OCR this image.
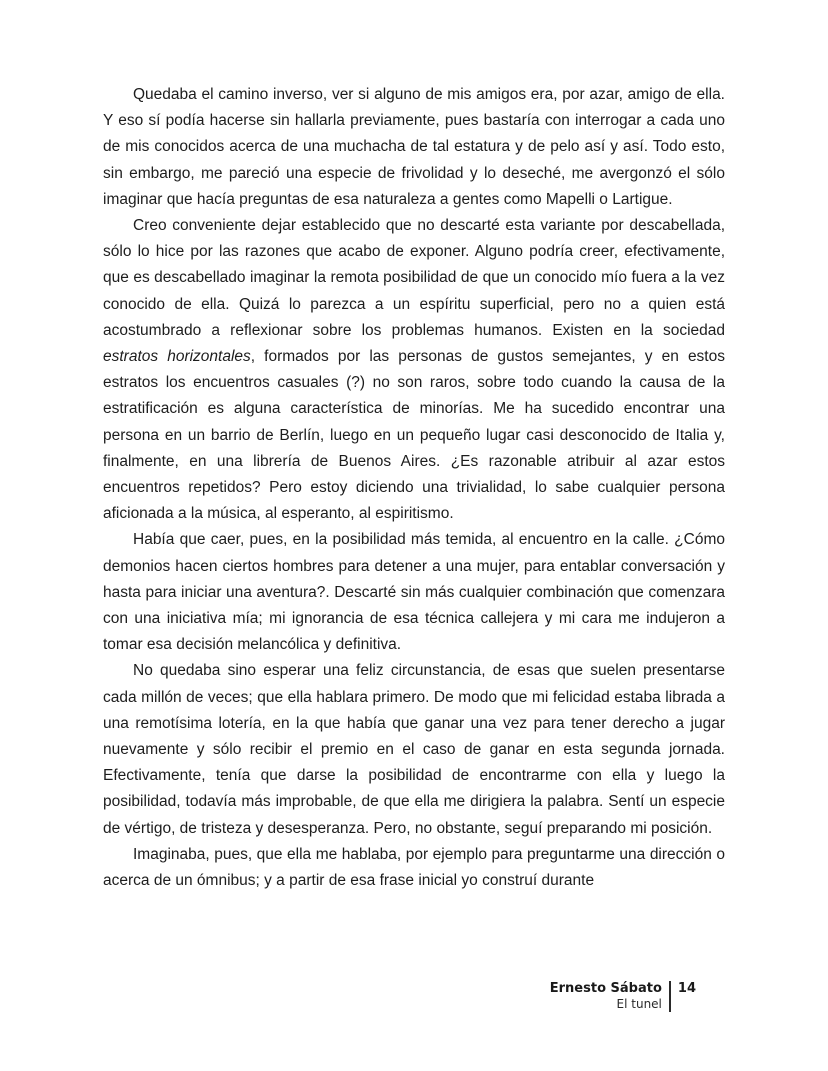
Quedaba el camino inverso, ver si alguno de mis amigos era, por azar, amigo de ella. Y eso sí podía hacerse sin hallarla previamente, pues bastaría con interrogar a cada uno de mis conocidos acerca de una muchacha de tal estatura y de pelo así y así. Todo esto, sin embargo, me pareció una especie de frivolidad y lo deseché, me avergonzó el sólo imaginar que hacía preguntas de esa naturaleza a gentes como Mapelli o Lartigue.

Creo conveniente dejar establecido que no descarté esta variante por descabellada, sólo lo hice por las razones que acabo de exponer. Alguno podría creer, efectivamente, que es descabellado imaginar la remota posibilidad de que un conocido mío fuera a la vez conocido de ella. Quizá lo parezca a un espíritu superficial, pero no a quien está acostumbrado a reflexionar sobre los problemas humanos. Existen en la sociedad estratos horizontales, formados por las personas de gustos semejantes, y en estos estratos los encuentros casuales (?) no son raros, sobre todo cuando la causa de la estratificación es alguna característica de minorías. Me ha sucedido encontrar una persona en un barrio de Berlín, luego en un pequeño lugar casi desconocido de Italia y, finalmente, en una librería de Buenos Aires. ¿Es razonable atribuir al azar estos encuentros repetidos? Pero estoy diciendo una trivialidad, lo sabe cualquier persona aficionada a la música, al esperanto, al espiritismo.

Había que caer, pues, en la posibilidad más temida, al encuentro en la calle. ¿Cómo demonios hacen ciertos hombres para detener a una mujer, para entablar conversación y hasta para iniciar una aventura?. Descarté sin más cualquier combinación que comenzara con una iniciativa mía; mi ignorancia de esa técnica callejera y mi cara me indujeron a tomar esa decisión melancólica y definitiva.

No quedaba sino esperar una feliz circunstancia, de esas que suelen presentarse cada millón de veces; que ella hablara primero. De modo que mi felicidad estaba librada a una remotísima lotería, en la que había que ganar una vez para tener derecho a jugar nuevamente y sólo recibir el premio en el caso de ganar en esta segunda jornada. Efectivamente, tenía que darse la posibilidad de encontrarme con ella y luego la posibilidad, todavía más improbable, de que ella me dirigiera la palabra. Sentí un especie de vértigo, de tristeza y desesperanza. Pero, no obstante, seguí preparando mi posición.

Imaginaba, pues, que ella me hablaba, por ejemplo para preguntarme una dirección o acerca de un ómnibus; y a partir de esa frase inicial yo construí durante

Ernesto Sábato
El tunel
14
